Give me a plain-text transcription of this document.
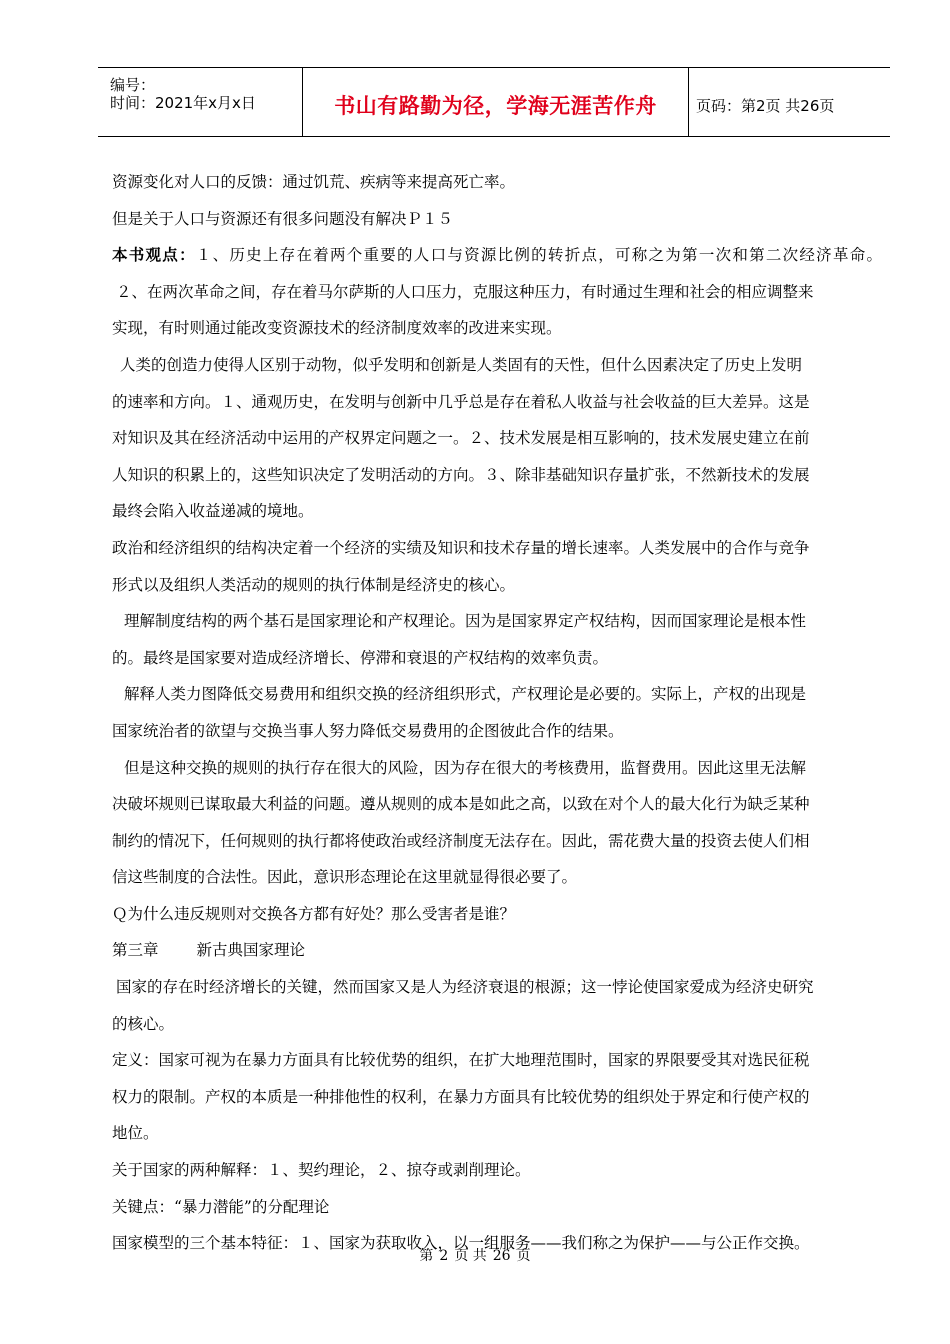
编号：
时间：2021年x月x日	书山有路勤为径，学海无涯苦作舟	页码：第2页 共26页
资源变化对人口的反馈：通过饥荒、疾病等来提高死亡率。
但是关于人口与资源还有很多问题没有解决Ｐ１５
本书观点：１、历史上存在着两个重要的人口与资源比例的转折点，可称之为第一次和第二次经济革命。
２、在两次革命之间，存在着马尔萨斯的人口压力，克服这种压力，有时通过生理和社会的相应调整来
实现，有时则通过能改变资源技术的经济制度效率的改进来实现。
人类的创造力使得人区别于动物，似乎发明和创新是人类固有的天性，但什么因素决定了历史上发明
的速率和方向。１、通观历史，在发明与创新中几乎总是存在着私人收益与社会收益的巨大差异。这是
对知识及其在经济活动中运用的产权界定问题之一。２、技术发展是相互影响的，技术发展史建立在前
人知识的积累上的，这些知识决定了发明活动的方向。３、除非基础知识存量扩张，不然新技术的发展
最终会陷入收益递减的境地。
政治和经济组织的结构决定着一个经济的实绩及知识和技术存量的增长速率。人类发展中的合作与竞争
形式以及组织人类活动的规则的执行体制是经济史的核心。
理解制度结构的两个基石是国家理论和产权理论。因为是国家界定产权结构，因而国家理论是根本性
的。最终是国家要对造成经济增长、停滞和衰退的产权结构的效率负责。
解释人类力图降低交易费用和组织交换的经济组织形式，产权理论是必要的。实际上，产权的出现是
国家统治者的欲望与交换当事人努力降低交易费用的企图彼此合作的结果。
但是这种交换的规则的执行存在很大的风险，因为存在很大的考核费用，监督费用。因此这里无法解
决破坏规则已谋取最大利益的问题。遵从规则的成本是如此之高，以致在对个人的最大化行为缺乏某种
制约的情况下，任何规则的执行都将使政治或经济制度无法存在。因此，需花费大量的投资去使人们相
信这些制度的合法性。因此，意识形态理论在这里就显得很必要了。
Ｑ为什么违反规则对交换各方都有好处？那么受害者是谁？
第三章 新古典国家理论
国家的存在时经济增长的关键，然而国家又是人为经济衰退的根源；这一悖论使国家爱成为经济史研究
的核心。
定义：国家可视为在暴力方面具有比较优势的组织，在扩大地理范围时，国家的界限要受其对选民征税
权力的限制。产权的本质是一种排他性的权利，在暴力方面具有比较优势的组织处于界定和行使产权的
地位。
关于国家的两种解释：１、契约理论，２、掠夺或剥削理论。
关键点：“暴力潜能”的分配理论
国家模型的三个基本特征：１、国家为获取收入，以一组服务——我们称之为保护——与公正作交换。
第 2 页 共 26 页
